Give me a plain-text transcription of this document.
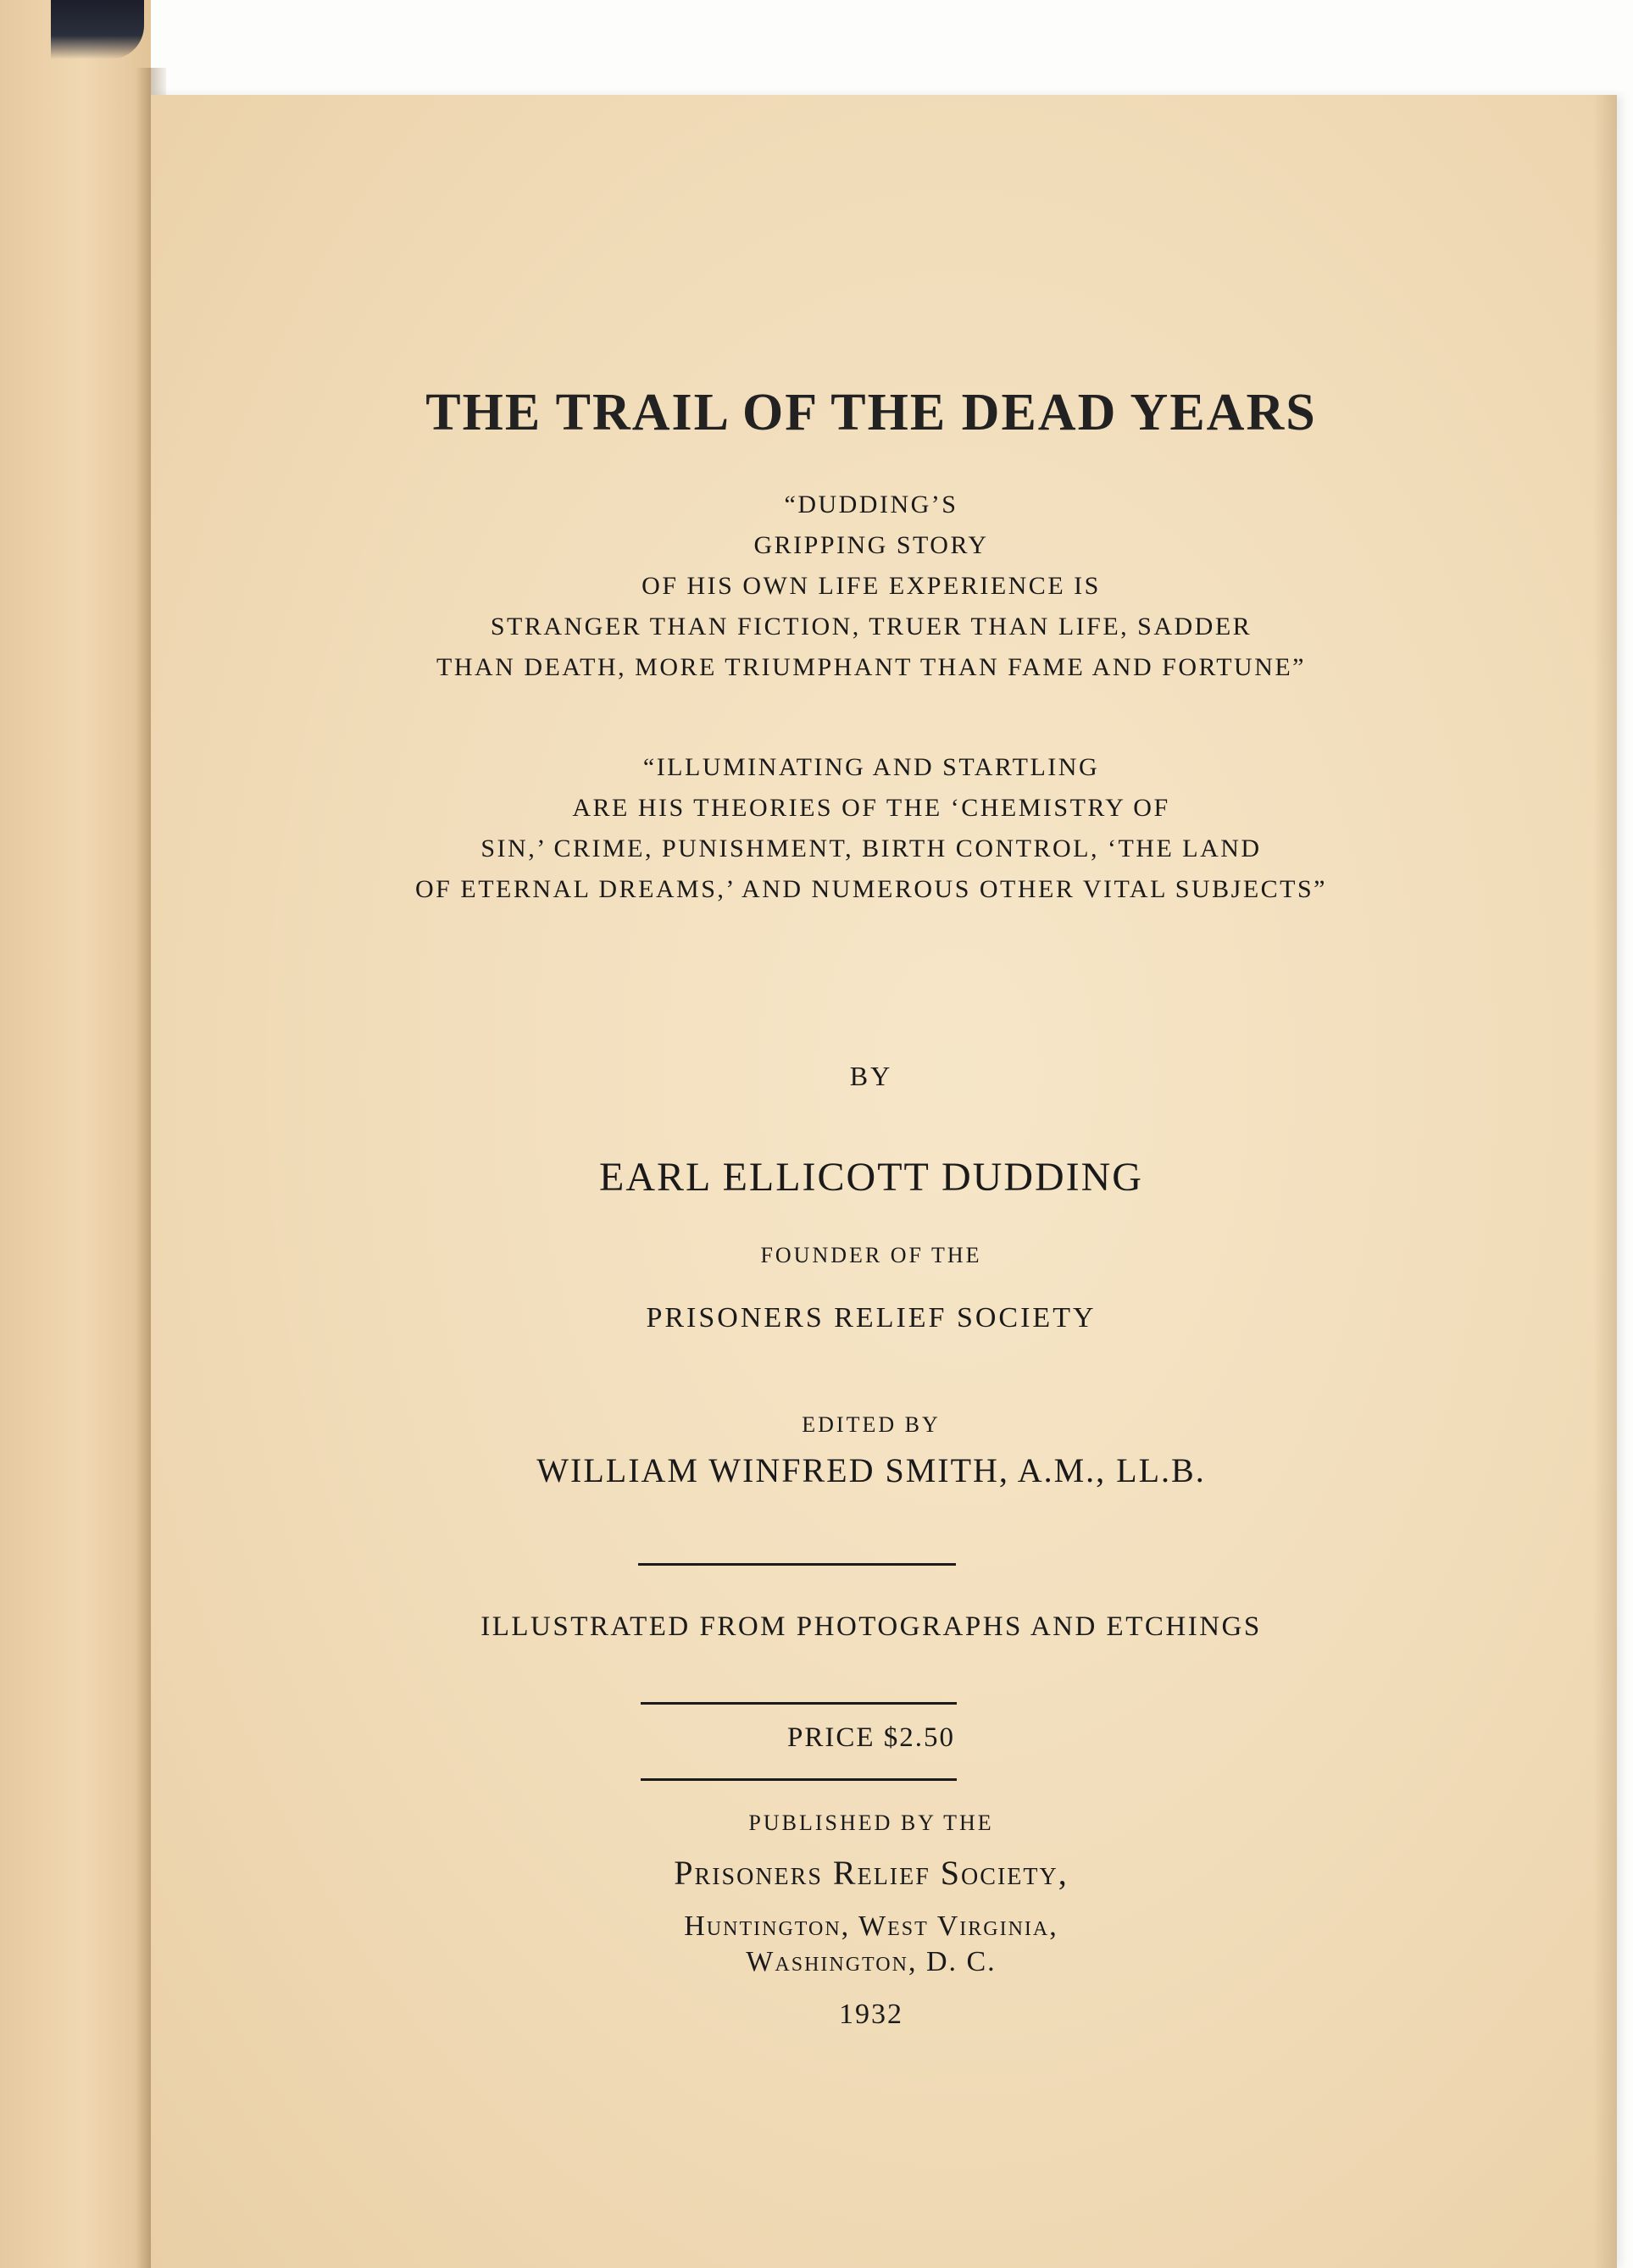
THE TRAIL OF THE DEAD YEARS
“DUDDING’S
GRIPPING STORY
OF HIS OWN LIFE EXPERIENCE IS
STRANGER THAN FICTION, TRUER THAN LIFE, SADDER
THAN DEATH, MORE TRIUMPHANT THAN FAME AND FORTUNE”
“ILLUMINATING AND STARTLING
ARE HIS THEORIES OF THE ‘CHEMISTRY OF
SIN,’ CRIME, PUNISHMENT, BIRTH CONTROL, ‘THE LAND
OF ETERNAL DREAMS,’ AND NUMEROUS OTHER VITAL SUBJECTS”
BY
EARL ELLICOTT DUDDING
FOUNDER OF THE
PRISONERS RELIEF SOCIETY
EDITED BY
WILLIAM WINFRED SMITH, A.M., LL.B.
ILLUSTRATED FROM PHOTOGRAPHS AND ETCHINGS
PRICE $2.50
PUBLISHED BY THE
Prisoners Relief Society,
Huntington, West Virginia,
Washington, D. C.
1932
